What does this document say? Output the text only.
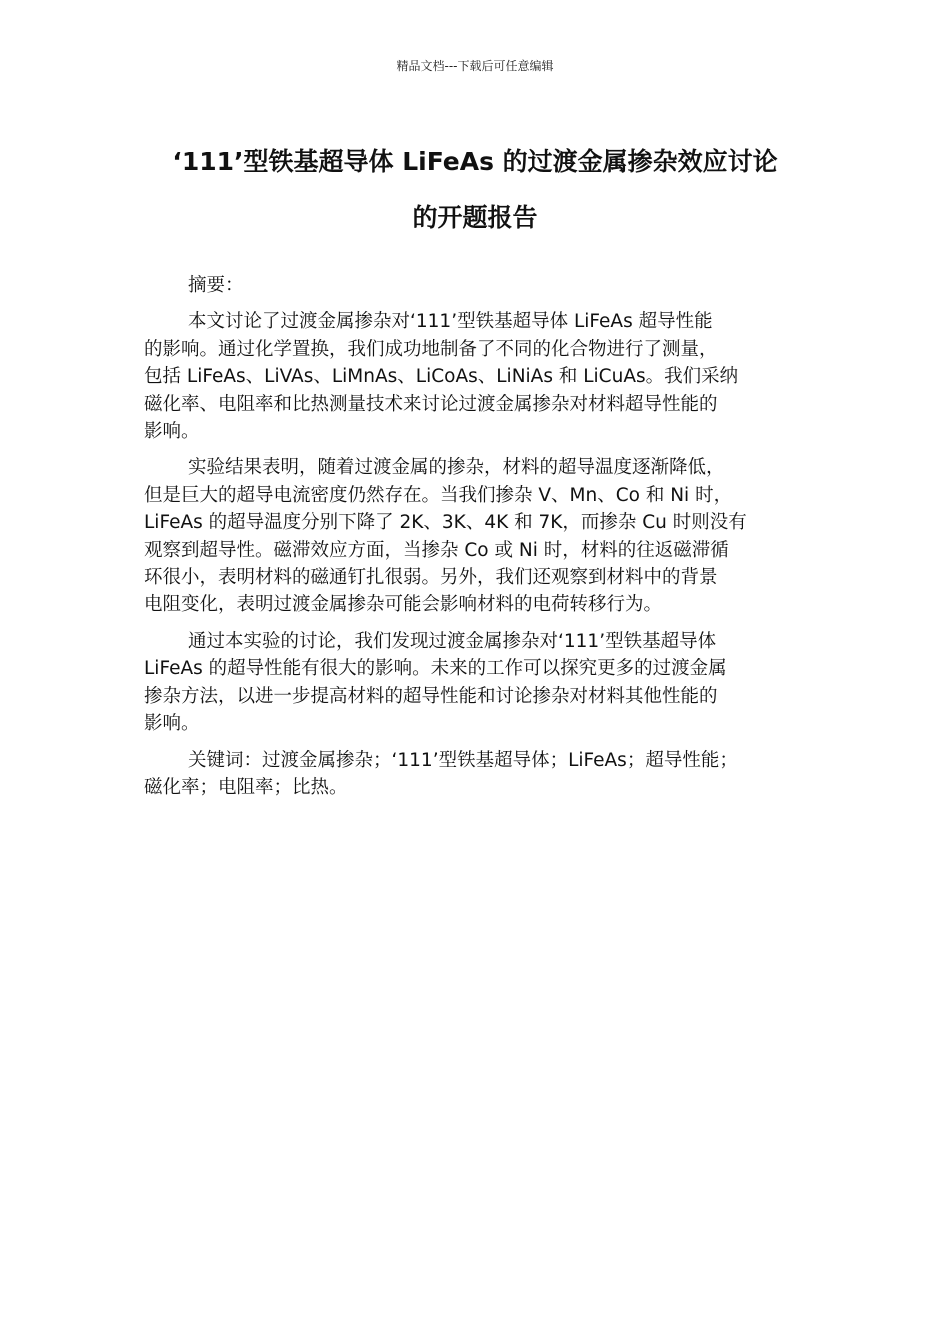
精品文档---下载后可任意编辑
‘111’型铁基超导体 LiFeAs 的过渡金属掺杂效应讨论
的开题报告

摘要：

本文讨论了过渡金属掺杂对‘111’型铁基超导体 LiFeAs 超导性能
的影响。通过化学置换，我们成功地制备了不同的化合物进行了测量，
包括 LiFeAs、LiVAs、LiMnAs、LiCoAs、LiNiAs 和 LiCuAs。我们采纳
磁化率、电阻率和比热测量技术来讨论过渡金属掺杂对材料超导性能的
影响。

实验结果表明，随着过渡金属的掺杂，材料的超导温度逐渐降低，
但是巨大的超导电流密度仍然存在。当我们掺杂 V、Mn、Co 和 Ni 时，
LiFeAs 的超导温度分别下降了 2K、3K、4K 和 7K，而掺杂 Cu 时则没有
观察到超导性。磁滞效应方面，当掺杂 Co 或 Ni 时，材料的往返磁滞循
环很小，表明材料的磁通钉扎很弱。另外，我们还观察到材料中的背景
电阻变化，表明过渡金属掺杂可能会影响材料的电荷转移行为。

通过本实验的讨论，我们发现过渡金属掺杂对‘111’型铁基超导体
LiFeAs 的超导性能有很大的影响。未来的工作可以探究更多的过渡金属
掺杂方法，以进一步提高材料的超导性能和讨论掺杂对材料其他性能的
影响。

关键词：过渡金属掺杂；‘111’型铁基超导体；LiFeAs；超导性能；
磁化率；电阻率；比热。
